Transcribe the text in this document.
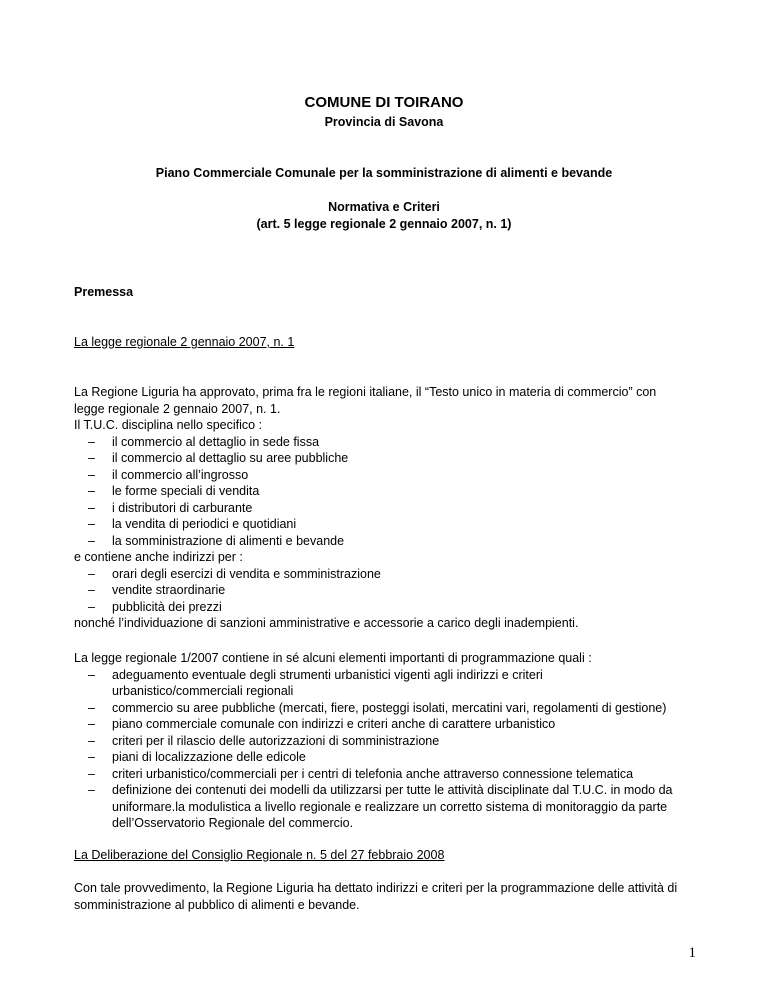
COMUNE DI TOIRANO
Provincia di Savona
Piano Commerciale Comunale per la somministrazione di alimenti e bevande
Normativa e Criteri
(art. 5 legge regionale 2 gennaio 2007, n. 1)
Premessa
La legge regionale 2 gennaio 2007, n. 1

La Regione Liguria ha approvato, prima fra le regioni italiane, il “Testo unico in materia di commercio” con

legge regionale 2 gennaio 2007, n. 1.

Il T.U.C. disciplina nello specifico :

– il commercio al dettaglio in sede fissa
– il commercio al dettaglio su aree pubbliche
– il commercio all’ingrosso
– le forme speciali di vendita
– i distributori di carburante
– la vendita di periodici e quotidiani
– la somministrazione di alimenti e bevande

e contiene anche indirizzi per :

– orari degli esercizi di vendita e somministrazione
– vendite straordinarie
– pubblicità dei prezzi

nonché l’individuazione di sanzioni amministrative e accessorie a carico degli inadempienti.

La legge regionale 1/2007 contiene in sé alcuni elementi importanti di programmazione quali :

– adeguamento eventuale degli strumenti urbanistici vigenti agli indirizzi e criteri
urbanistico/commerciali regionali
– commercio su aree pubbliche (mercati, fiere, posteggi isolati, mercatini vari, regolamenti di gestione)
– piano commerciale comunale con indirizzi e criteri anche di carattere urbanistico
– criteri per il rilascio delle autorizzazioni di somministrazione
– piani di localizzazione delle edicole
– criteri urbanistico/commerciali per i centri di telefonia anche attraverso connessione telematica
– definizione dei contenuti dei modelli da utilizzarsi per tutte le attività disciplinate dal T.U.C. in modo da
uniformare.la modulistica a livello regionale e realizzare un corretto sistema di monitoraggio da parte
dell’Osservatorio Regionale del commercio.
La Deliberazione del Consiglio Regionale n. 5 del 27 febbraio 2008

Con tale provvedimento, la Regione Liguria ha dettato indirizzi e criteri per la programmazione delle attività di

somministrazione al pubblico di alimenti e bevande.

1
